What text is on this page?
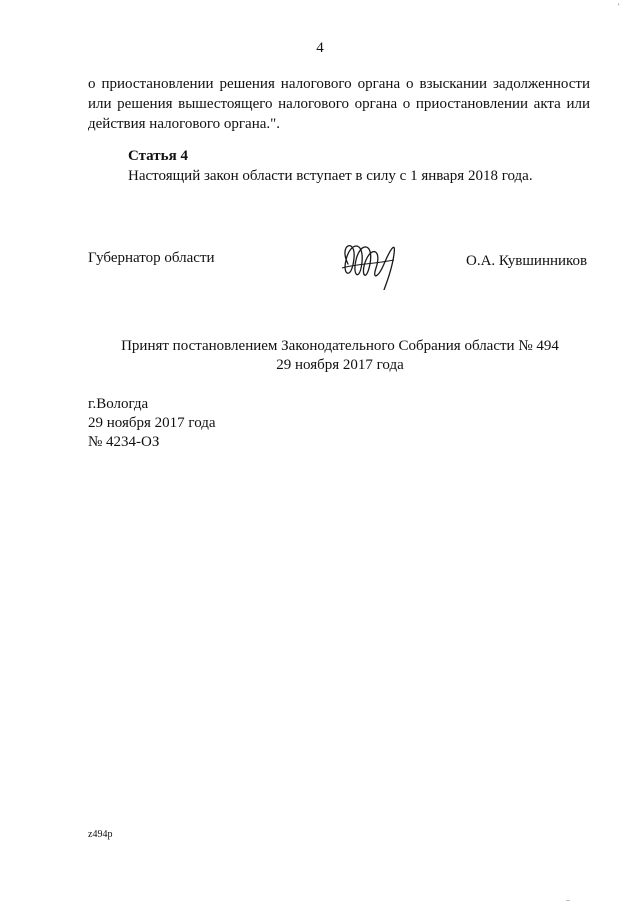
4
о приостановлении решения налогового органа о взыскании задолженности или решения вышестоящего налогового органа о приостановлении акта или действия налогового органа.".
Статья 4
Настоящий закон области вступает в силу с 1 января 2018 года.
Губернатор области	О.А. Кувшинников
Принят постановлением Законодательного Собрания области № 494
29 ноября 2017 года
г.Вологда
29 ноября 2017 года
№ 4234-ОЗ
z494p
'
..
